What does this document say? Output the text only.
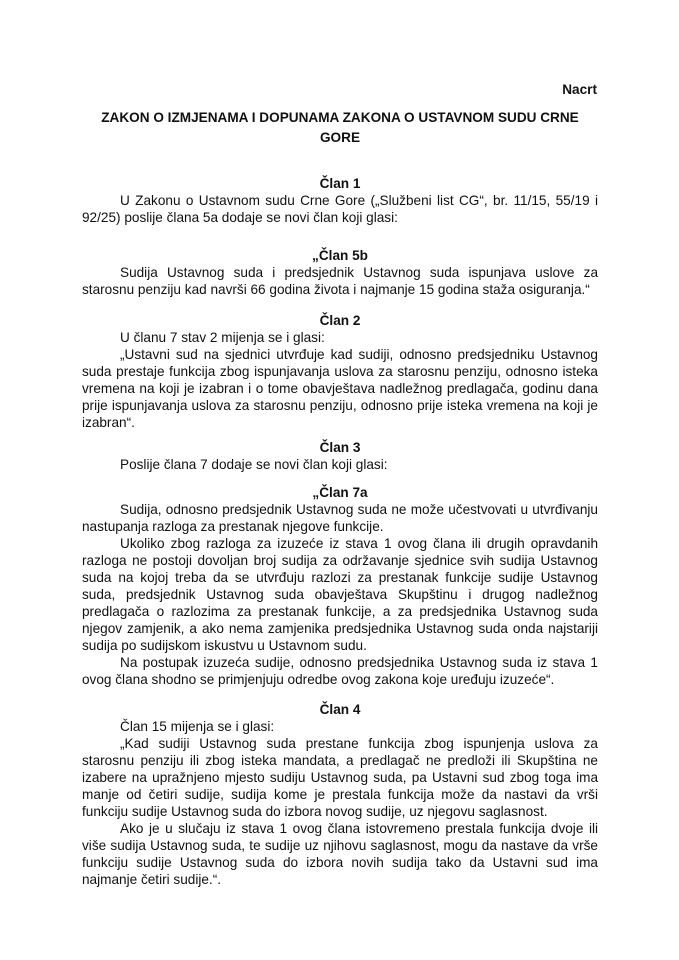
Nacrt
ZAKON O IZMJENAMA I DOPUNAMA ZAKONA O USTAVNOM SUDU CRNE GORE
Član 1

U Zakonu o Ustavnom sudu Crne Gore („Službeni list CG“, br. 11/15, 55/19 i 92/25) poslije člana 5a dodaje se novi član koji glasi:

„Član 5b

Sudija Ustavnog suda i predsjednik Ustavnog suda ispunjava uslove za starosnu penziju kad navrši 66 godina života i najmanje 15 godina staža osiguranja.“

Član 2

U članu 7 stav 2 mijenja se i glasi:

„Ustavni sud na sjednici utvrđuje kad sudiji, odnosno predsjedniku Ustavnog suda prestaje funkcija zbog ispunjavanja uslova za starosnu penziju, odnosno isteka vremena na koji je izabran i o tome obavještava nadležnog predlagača, godinu dana prije ispunjavanja uslova za starosnu penziju, odnosno prije isteka vremena na koji je izabran“.

Član 3

Poslije člana 7 dodaje se novi član koji glasi:

„Član 7a

Sudija, odnosno predsjednik Ustavnog suda ne može učestvovati u utvrđivanju nastupanja razloga za prestanak njegove funkcije.

Ukoliko zbog razloga za izuzeće iz stava 1 ovog člana ili drugih opravdanih razloga ne postoji dovoljan broj sudija za održavanje sjednice svih sudija Ustavnog suda na kojoj treba da se utvrđuju razlozi za prestanak funkcije sudije Ustavnog suda, predsjednik Ustavnog suda obavještava Skupštinu i drugog nadležnog predlagača o razlozima za prestanak funkcije, a za predsjednika Ustavnog suda njegov zamjenik, a ako nema zamjenika predsjednika Ustavnog suda onda najstariji sudija po sudijskom iskustvu u Ustavnom sudu.

Na postupak izuzeća sudije, odnosno predsjednika Ustavnog suda iz stava 1 ovog člana shodno se primjenjuju odredbe ovog zakona koje uređuju izuzeće“.

Član 4

Član 15 mijenja se i glasi:

„Kad sudiji Ustavnog suda prestane funkcija zbog ispunjenja uslova za starosnu penziju ili zbog isteka mandata, a predlagač ne predloži ili Skupština ne izabere na upražnjeno mjesto sudiju Ustavnog suda, pa Ustavni sud zbog toga ima manje od četiri sudije, sudija kome je prestala funkcija može da nastavi da vrši funkciju sudije Ustavnog suda do izbora novog sudije, uz njegovu saglasnost.

Ako je u slučaju iz stava 1 ovog člana istovremeno prestala funkcija dvoje ili više sudija Ustavnog suda, te sudije uz njihovu saglasnost, mogu da nastave da vrše funkciju sudije Ustavnog suda do izbora novih sudija tako da Ustavni sud ima najmanje četiri sudije.“.
